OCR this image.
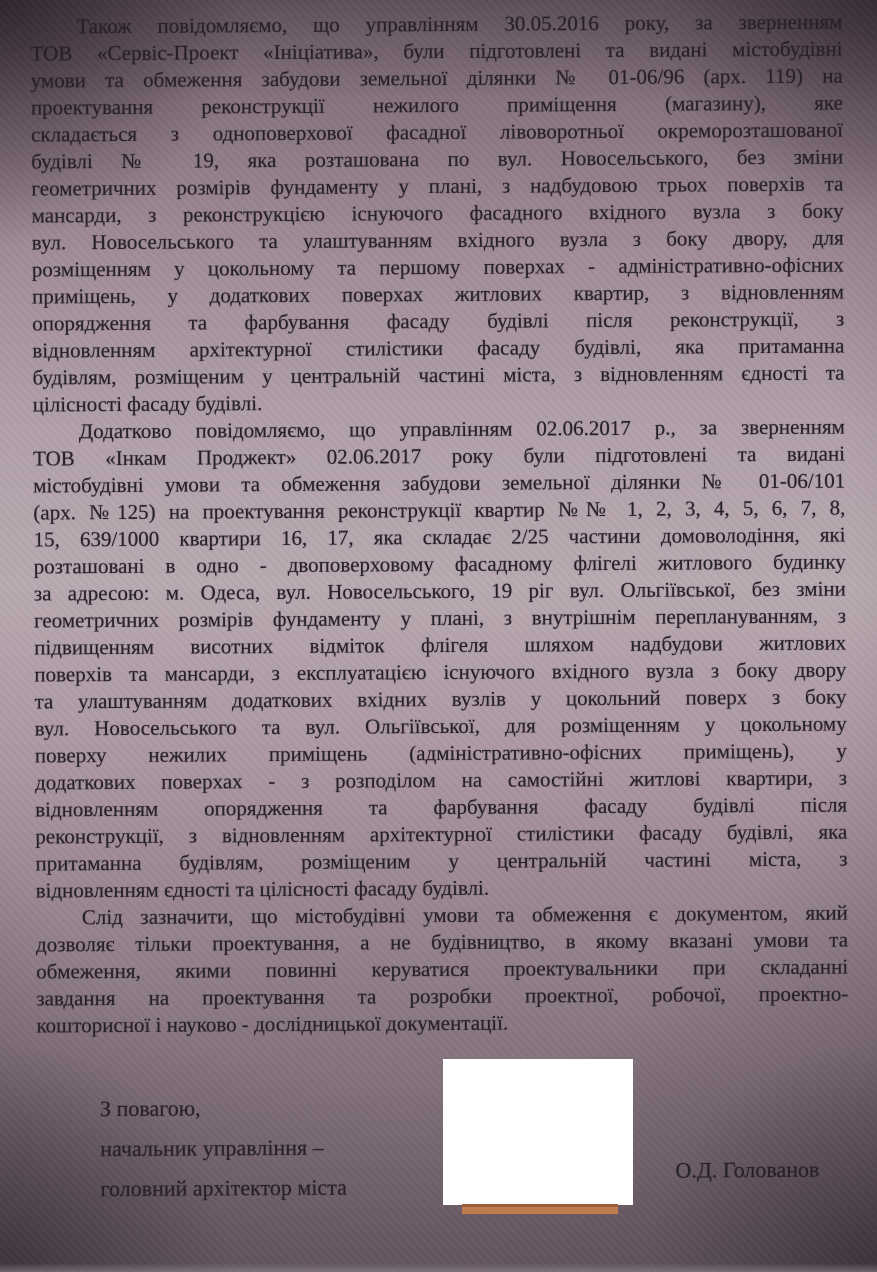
Також повідомляємо, що управлінням 30.05.2016 року, за зверненням
ТОВ «Сервіс-Проект «Ініціатива», були підготовлені та видані містобудівні
умови та обмеження забудови земельної ділянки № 01-06/96 (арх. 119) на
проектування реконструкції нежилого приміщення (магазину), яке
складається з одноповерхової фасадної лівоворотньої окреморозташованої
будівлі № 19, яка розташована по вул. Новосельського, без зміни
геометричних розмірів фундаменту у плані, з надбудовою трьох поверхів та
мансарди, з реконструкцією існуючого фасадного вхідного вузла з боку
вул. Новосельського та улаштуванням вхідного вузла з боку двору, для
розміщенням у цокольному та першому поверхах - адміністративно-офісних
приміщень, у додаткових поверхах житлових квартир, з відновленням
опорядження та фарбування фасаду будівлі після реконструкції, з
відновленням архітектурної стилістики фасаду будівлі, яка притаманна
будівлям, розміщеним у центральній частині міста, з відновленням єдності та
цілісності фасаду будівлі.
Додатково повідомляємо, що управлінням 02.06.2017 р., за зверненням
ТОВ «Інкам Проджект» 02.06.2017 року були підготовлені та видані
містобудівні умови та обмеження забудови земельної ділянки № 01-06/101
(арх. №125) на проектування реконструкції квартир №№ 1, 2, 3, 4, 5, 6, 7, 8,
15, 639/1000 квартири 16, 17, яка складає 2/25 частини домоволодіння, які
розташовані в одно - двоповерховому фасадному флігелі житлового будинку
за адресою: м. Одеса, вул. Новосельського, 19 ріг вул. Ольгіївської, без зміни
геометричних розмірів фундаменту у плані, з внутрішнім переплануванням, з
підвищенням висотних відміток флігеля шляхом надбудови житлових
поверхів та мансарди, з експлуатацією існуючого вхідного вузла з боку двору
та улаштуванням додаткових вхідних вузлів у цокольний поверх з боку
вул. Новосельського та вул. Ольгіївської, для розміщенням у цокольному
поверху нежилих приміщень (адміністративно-офісних приміщень), у
додаткових поверхах - з розподілом на самостійні житлові квартири, з
відновленням опорядження та фарбування фасаду будівлі після
реконструкції, з відновленням архітектурної стилістики фасаду будівлі, яка
притаманна будівлям, розміщеним у центральній частині міста, з
відновленням єдності та цілісності фасаду будівлі.
Слід зазначити, що містобудівні умови та обмеження є документом, який
дозволяє тільки проектування, а не будівництво, в якому вказані умови та
обмеження, якими повинні керуватися проектувальники при складанні
завдання на проектування та розробки проектної, робочої, проектно-
кошторисної і науково - дослідницької документації.
З повагою,
начальник управління –
головний архітектор міста
О.Д. Голованов
